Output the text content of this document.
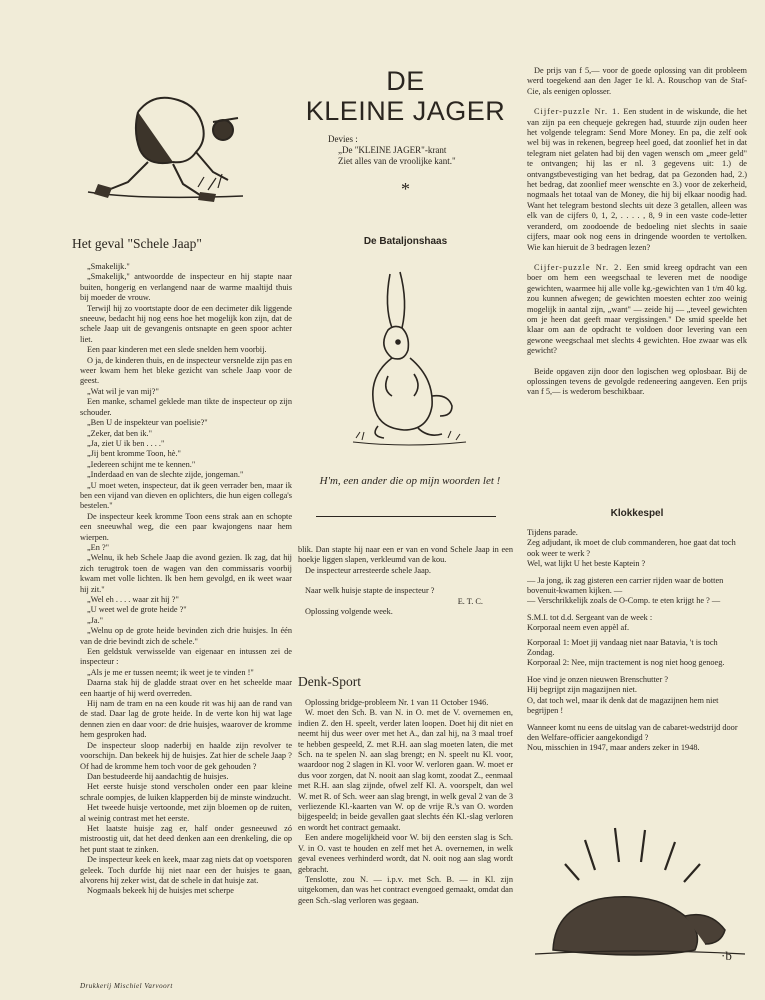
Het geval "Schele Jaap"

„Smakelijk."

„Smakelijk," antwoordde de inspecteur en hij stapte naar buiten, hongerig en verlangend naar de warme maaltijd thuis bij moeder de vrouw.

Terwijl hij zo voortstapte door de een decimeter dik liggende sneeuw, bedacht hij nog eens hoe het mogelijk kon zijn, dat de schele Jaap uit de gevangenis ontsnapte en geen spoor achter liet.

Een paar kinderen met een slede snelden hem voorbij.

O ja, de kinderen thuis, en de inspecteur versnelde zijn pas en weer kwam hem het bleke gezicht van schele Jaap voor de geest.

„Wat wil je van mij?"

Een manke, schamel geklede man tikte de inspecteur op zijn schouder.

„Ben U de inspekteur van poelisie?"

„Zeker, dat ben ik."

„Ja, ziet U ik ben . . . ."

„Jij bent kromme Toon, hè."

„Iedereen schijnt me te kennen."

„Inderdaad en van de slechte zijde, jongeman."

„U moet weten, inspecteur, dat ik geen verrader ben, maar ik ben een vijand van dieven en oplichters, die hun eigen collega's bestelen."

De inspecteur keek kromme Toon eens strak aan en schopte een sneeuwhal weg, die een paar kwajongens naar hem wierpen.

„En ?"

„Welnu, ik heb Schele Jaap die avond gezien. Ik zag, dat hij zich terugtrok toen de wagen van den commissaris voorbij kwam met volle lichten. Ik ben hem gevolgd, en ik weet waar hij zit."

„Wel eh . . . . waar zit hij ?"

„U weet wel de grote heide ?"

„Ja."

„Welnu op de grote heide bevinden zich drie huisjes. In één van de drie bevindt zich de schele."

Een geldstuk verwisselde van eigenaar en intussen zei de inspecteur :

„Als je me er tussen neemt; ik weet je te vinden !"

Daarna stak hij de gladde straat over en het scheelde maar een haartje of hij werd overreden.

Hij nam de tram en na een koude rit was hij aan de rand van de stad. Daar lag de grote heide. In de verte kon hij wat lage dennen zien en daar voor: de drie huisjes, waarover de kromme hem gesproken had.

De inspecteur sloop naderbij en haalde zijn revolver te voorschijn. Dan bekeek hij de huisjes. Zat hier de schele Jaap ? Of had de kromme hem toch voor de gek gehouden ?

Dan bestudeerde hij aandachtig de huisjes.

Het eerste huisje stond verscholen onder een paar kleine schrale oompjes, de luiken klapperden bij de minste windzucht.

Het tweede huisje vertoonde, met zijn bloemen op de ruiten, al weinig contrast met het eerste.

Het laatste huisje zag er, half onder gesneeuwd zó mistroostig uit, dat het deed denken aan een drenkeling, die op het punt staat te zinken.

De inspecteur keek en keek, maar zag niets dat op voetsporen geleek. Toch durfde hij niet naar een der huisjes te gaan, alvorens hij zeker wist, dat de schele in dat huisje zat.

Nogmaals bekeek hij de huisjes met scherpe

DE
KLEINE JAGER
Devies :
„De "KLEINE JAGER"-krant
Ziet alles van de vroolijke kant."
*
De Bataljonshaas
H'm, een ander die op mijn woorden let !

blik. Dan stapte hij naar een er van en vond Schele Jaap in een hoekje liggen slapen, verkleumd van de kou.

De inspecteur arresteerde schele Jaap.

Naar welk huisje stapte de inspecteur ?

E. T. C.

Oplossing volgende week.

Denk-Sport

Oplossing bridge-probleem Nr. 1 van 11 October 1946.

W. moet den Sch. B. van N. in O. met de V. overnemen en, indien Z. den H. speelt, verder laten loopen. Doet hij dit niet en neemt hij dus weer over met het A., dan zal hij, na 3 maal troef te hebben gespeeld, Z. met R.H. aan slag moeten laten, die met Sch. na te spelen N. aan slag brengt; en N. speelt nu Kl. voor, waardoor nog 2 slagen in Kl. voor W. verloren gaan. W. moet er dus voor zorgen, dat N. nooit aan slag komt, zoodat Z., eenmaal met R.H. aan slag zijnde, ofwel zelf Kl. A. voorspelt, dan wel W. met R. of Sch. weer aan slag brengt, in welk geval 2 van de 3 verliezende Kl.-kaarten van W. op de vrije R.'s van O. worden bijgespeeld; in beide gevallen gaat slechts één Kl.-slag verloren en wordt het contract gemaakt.

Een andere mogelijkheid voor W. bij den eersten slag is Sch. V. in O. vast te houden en zelf met het A. overnemen, in welk geval evenees verhinderd wordt, dat N. ooit nog aan slag wordt gebracht.

Tenslotte, zou N. — i.p.v. met Sch. B. — in Kl. zijn uitgekomen, dan was het contract evengoed gemaakt, omdat dan geen Sch.-slag verloren was gegaan.

De prijs van f 5,— voor de goede oplossing van dit probleem werd toegekend aan den Jager 1e kl. A. Rouschop van de Staf-Cie, als eenigen oplosser.

Cijfer-puzzle Nr. 1. Een student in de wiskunde, die het van zijn pa een chequeje gekregen had, stuurde zijn ouden heer het volgende telegram: Send More Money. En pa, die zelf ook wel bij was in rekenen, begreep heel goed, dat zoonlief het in dat telegram niet gelaten had bij den vagen wensch om „meer geld" te ontvangen; hij las er nl. 3 gegevens uit: 1.) de ontvangstbevestiging van het bedrag, dat pa Gezonden had, 2.) het bedrag, dat zoonlief meer wenschte en 3.) voor de zekerheid, nogmaals het totaal van de Money, die hij bij elkaar noodig had. Want het telegram bestond slechts uit deze 3 getallen, alleen was elk van de cijfers 0, 1, 2, . . . . , 8, 9 in een vaste code-letter veranderd, om zoodoende de bedoeling niet slechts in saaie cijfers, maar ook nog eens in dringende woorden te vertolken. Wie kan hieruit de 3 bedragen lezen?

Cijfer-puzzle Nr. 2. Een smid kreeg opdracht van een boer om hem een weegschaal te leveren met de noodige gewichten, waarmee hij alle volle kg.-gewichten van 1 t/m 40 kg. zou kunnen afwegen; de gewichten moesten echter zoo weinig mogelijk in aantal zijn, „want" — zeide hij — „teveel gewichten om je heen dat geeft maar vergissingen." De smid speelde het klaar om aan de opdracht te voldoen door levering van een gewone weegschaal met slechts 4 gewichten. Hoe zwaar was elk gewicht?

Beide opgaven zijn door den logischen weg oplosbaar. Bij de oplossingen tevens de gevolgde redeneering aangeven. Een prijs van f 5,— is wederom beschikbaar.

Klokkespel

Tijdens parade.

Zeg adjudant, ik moet de club commanderen, hoe gaat dat toch ook weer te werk ?

Wel, wat lijkt U het beste Kaptein ?

— Ja jong, ik zag gisteren een carrier rijden waar de botten bovenuit-kwamen kijken. —

— Verschrikkelijk zoals de O-Comp. te eten krijgt he ? —

S.M.I. tot d.d. Sergeant van de week :

Korporaal neem even appèl af.

Korporaal 1: Moet jij vandaag niet naar Batavia, 't is toch Zondag.

Korporaal 2: Nee, mijn tractement is nog niet hoog genoeg.

Hoe vind je onzen nieuwen Brenschutter ?

Hij begrijpt zijn magazijnen niet.

O, dat toch wel, maar ik denk dat de magazijnen hem niet begrijpen !

Wanneer komt nu eens de uitslag van de cabaret-wedstrijd door den Welfare-officier aangekondigd ?

Nou, misschien in 1947, maar anders zeker in 1948.

·b
Drukkerij Mischiel Varvoort
